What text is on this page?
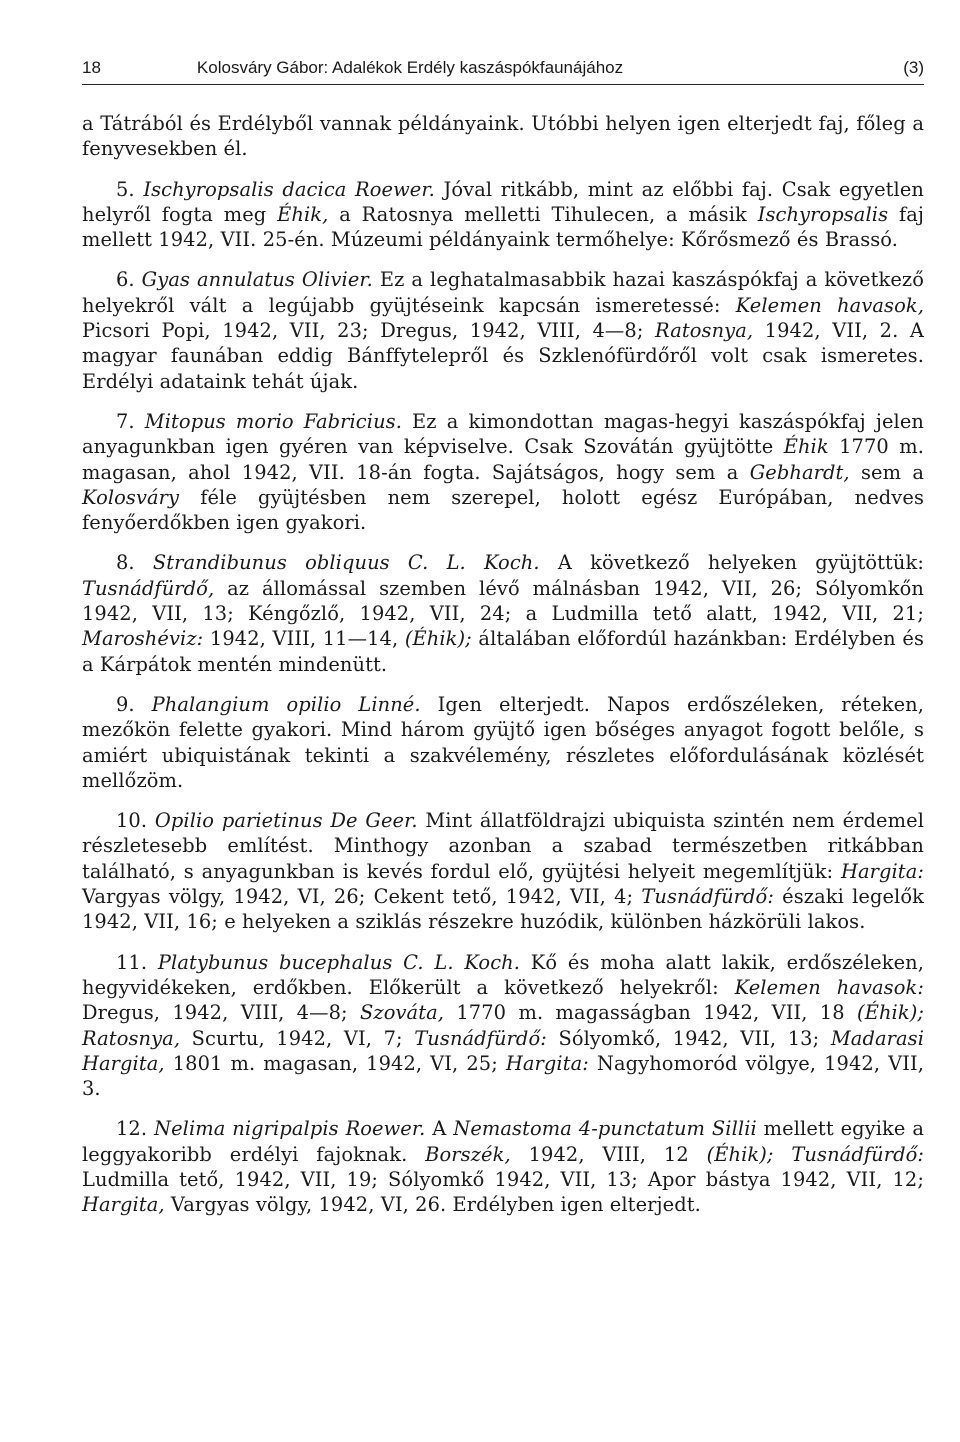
18	Kolosváry Gábor: Adalékok Erdély kaszáspókfaunájához	(3)

a Tátrából és Erdélyből vannak példányaink. Utóbbi helyen igen elterjedt faj, főleg a fenyvesekben él.

5. Ischyropsalis dacica Roewer. Jóval ritkább, mint az előbbi faj. Csak egyetlen helyről fogta meg Éhik, a Ratosnya melletti Tihulecen, a másik Ischyropsalis faj mellett 1942, VII. 25-én. Múzeumi példányaink termőhelye: Kőrősmező és Brassó.

6. Gyas annulatus Olivier. Ez a leghatalmasabbik hazai kaszáspókfaj a következő helyekről vált a legújabb gyüjtéseink kapcsán ismeretessé: Kelemen havasok, Picsori Popi, 1942, VII, 23; Dregus, 1942, VIII, 4—8; Ratosnya, 1942, VII, 2. A magyar faunában eddig Bánffytelepről és Szklenófürdőről volt csak ismeretes. Erdélyi adataink tehát újak.

7. Mitopus morio Fabricius. Ez a kimondottan magas-hegyi kaszáspókfaj jelen anyagunkban igen gyéren van képviselve. Csak Szovátán gyüjtötte Éhik 1770 m. magasan, ahol 1942, VII. 18-án fogta. Sajátságos, hogy sem a Gebhardt, sem a Kolosváry féle gyüjtésben nem szerepel, holott egész Európában, nedves fenyőerdőkben igen gyakori.

8. Strandibunus obliquus C. L. Koch. A következő helyeken gyüjtöttük: Tusnádfürdő, az állomással szemben lévő málnásban 1942, VII, 26; Sólyomkőn 1942, VII, 13; Kéngőzlő, 1942, VII, 24; a Ludmilla tető alatt, 1942, VII, 21; Maroshéviz: 1942, VIII, 11—14, (Éhik); általában előfordúl hazánkban: Erdélyben és a Kárpátok mentén mindenütt.

9. Phalangium opilio Linné. Igen elterjedt. Napos erdőszéleken, réteken, mezőkön felette gyakori. Mind három gyüjtő igen bőséges anyagot fogott belőle, s amiért ubiquistának tekinti a szakvélemény, részletes előfordulásának közlését mellőzöm.

10. Opilio parietinus De Geer. Mint állatföldrajzi ubiquista szintén nem érdemel részletesebb említést. Minthogy azonban a szabad természetben ritkábban található, s anyagunkban is kevés fordul elő, gyüjtési helyeit megemlítjük: Hargita: Vargyas völgy, 1942, VI, 26; Cekent tető, 1942, VII, 4; Tusnádfürdő: északi legelők 1942, VII, 16; e helyeken a sziklás részekre huzódik, különben házkörüli lakos.

11. Platybunus bucephalus C. L. Koch. Kő és moha alatt lakik, erdőszéleken, hegyvidékeken, erdőkben. Előkerült a következő helyekről: Kelemen havasok: Dregus, 1942, VIII, 4—8; Szováta, 1770 m. magasságban 1942, VII, 18 (Éhik); Ratosnya, Scurtu, 1942, VI, 7; Tusnádfürdő: Sólyomkő, 1942, VII, 13; Madarasi Hargita, 1801 m. magasan, 1942, VI, 25; Hargita: Nagyhomoród völgye, 1942, VII, 3.

12. Nelima nigripalpis Roewer. A Nemastoma 4-punctatum Sillii mellett egyike a leggyakoribb erdélyi fajoknak. Borszék, 1942, VIII, 12 (Éhik); Tusnádfürdő: Ludmilla tető, 1942, VII, 19; Sólyomkő 1942, VII, 13; Apor bástya 1942, VII, 12; Hargita, Vargyas völgy, 1942, VI, 26. Erdélyben igen elterjedt.
